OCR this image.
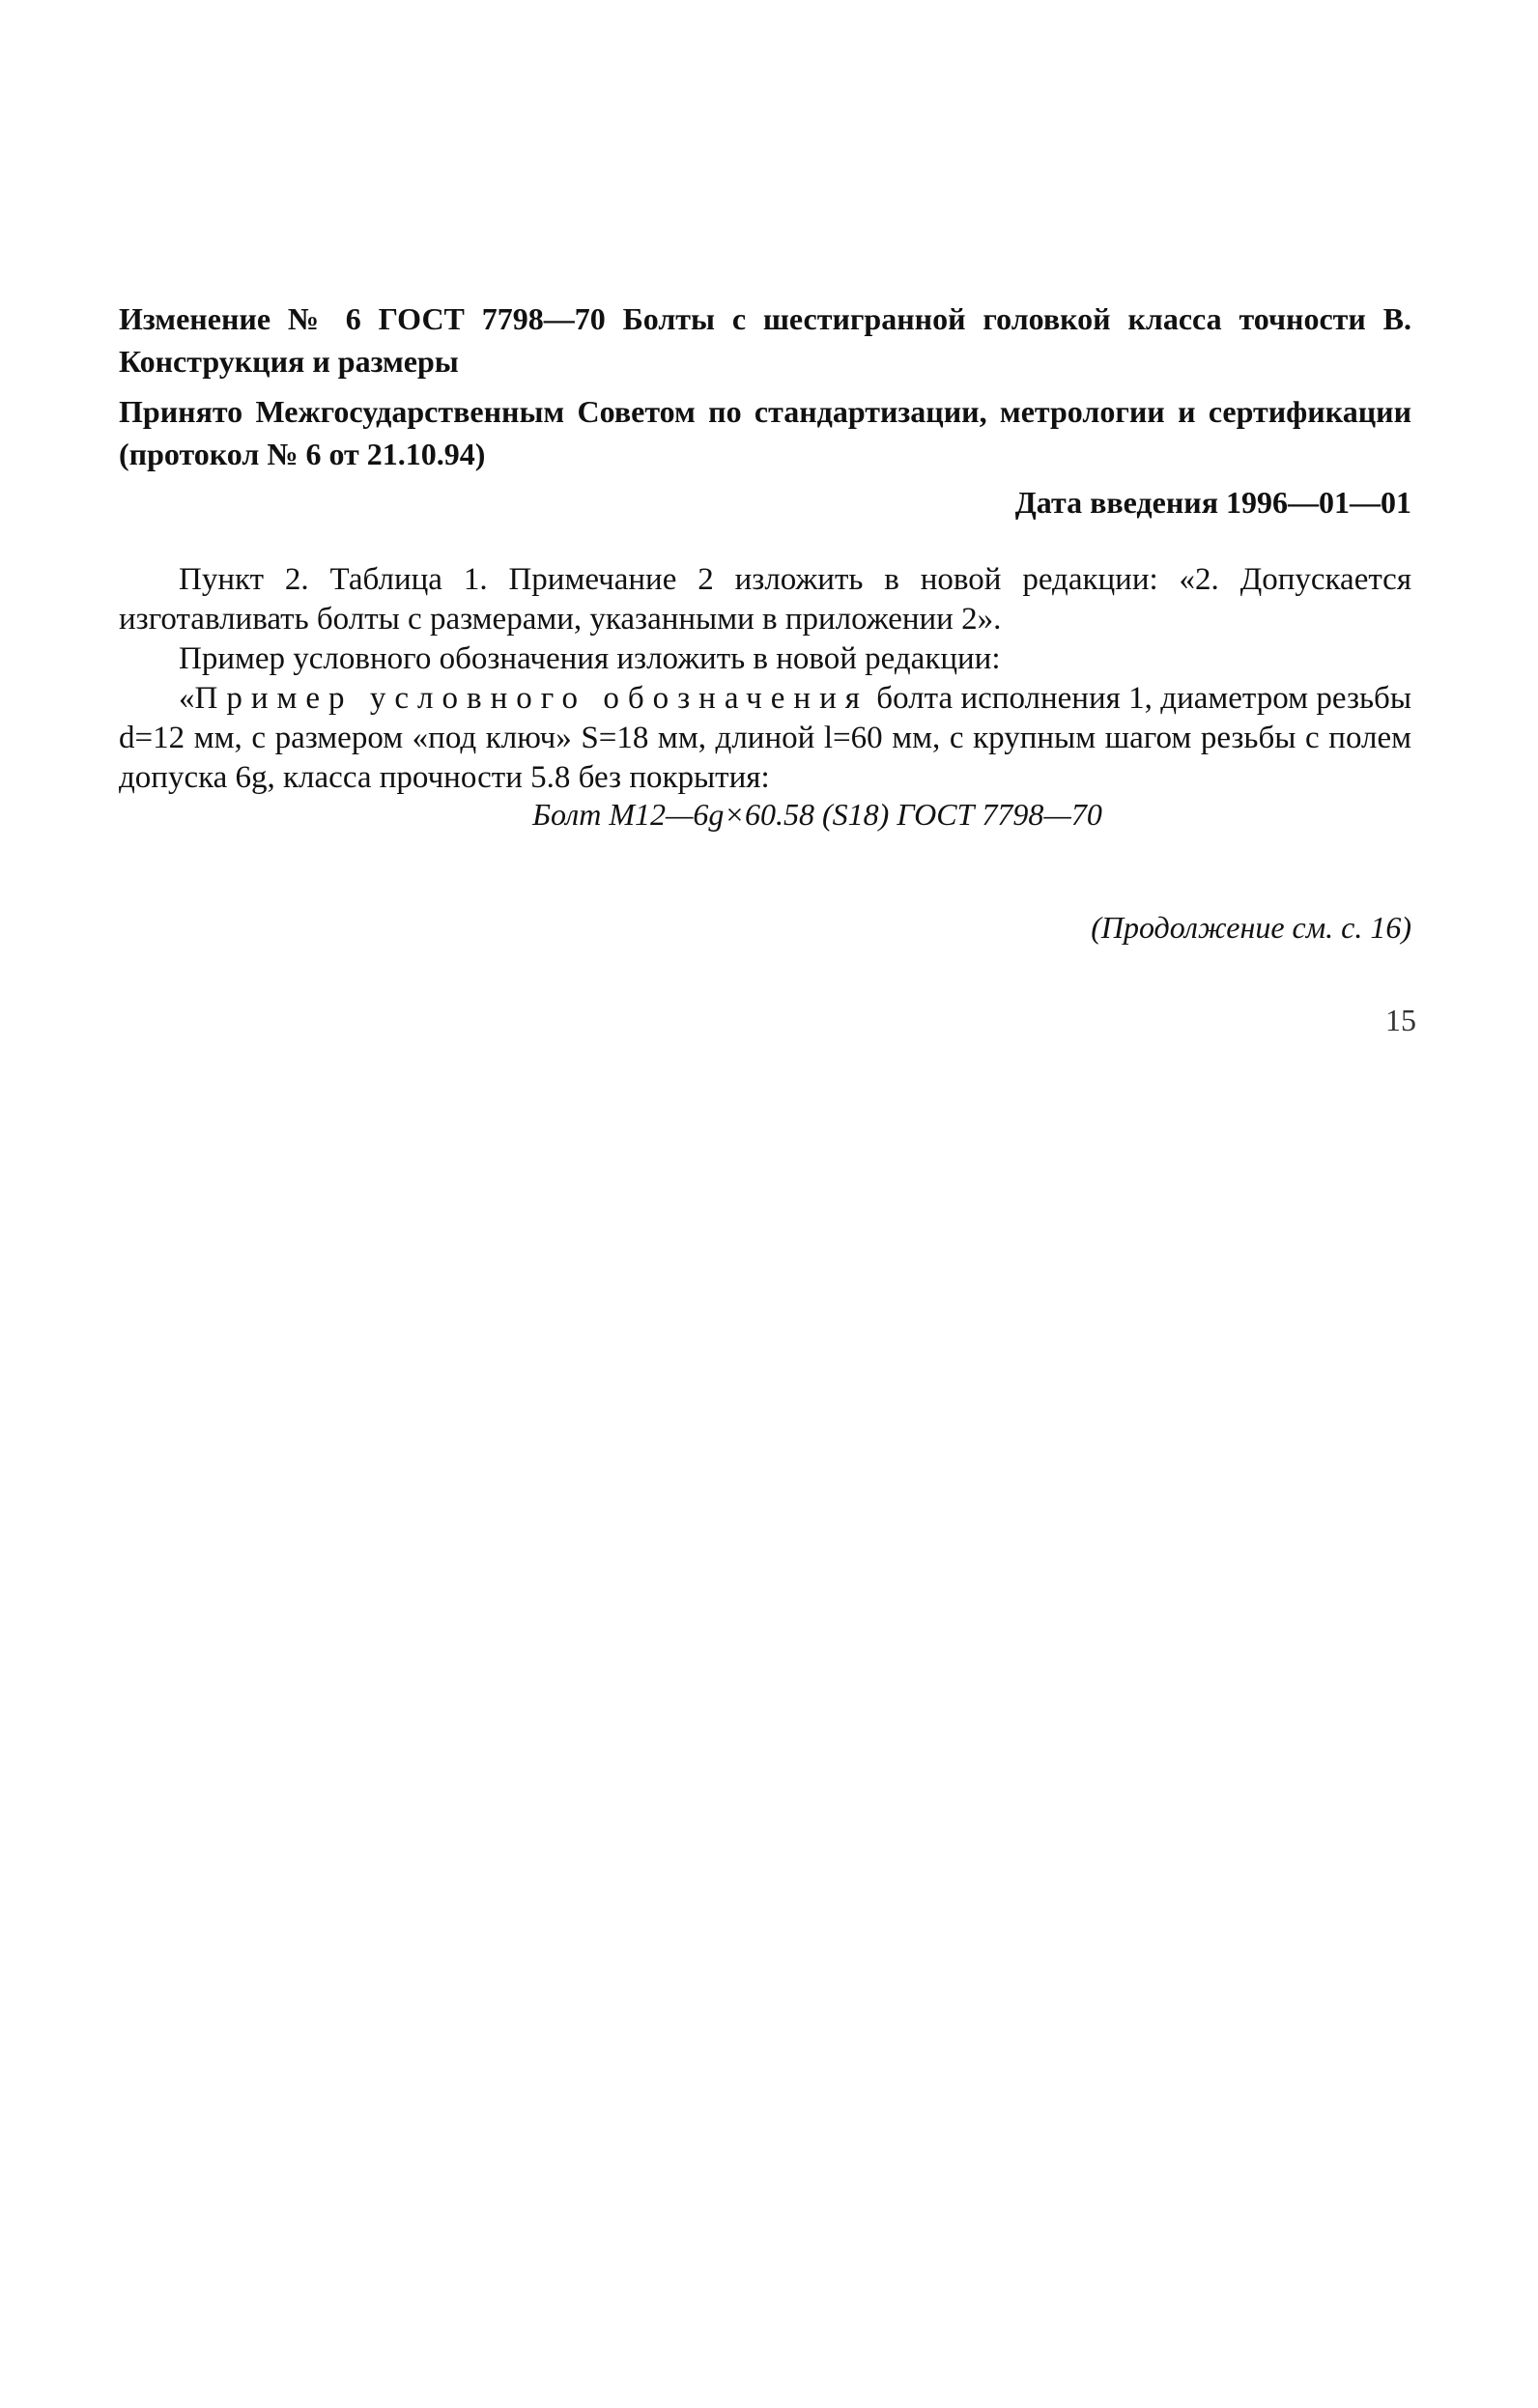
Изменение № 6 ГОСТ 7798—70 Болты с шестигранной головкой класса точности В. Конструкция и размеры
Принято Межгосударственным Советом по стандартизации, метрологии и сертификации (протокол № 6 от 21.10.94)
Дата введения 1996—01—01
Пункт 2. Таблица 1. Примечание 2 изложить в новой редакции: «2. Допускается изготавливать болты с размерами, указанными в приложении 2».
Пример условного обозначения изложить в новой редакции:
«Пример условного обозначения болта исполнения 1, диаметром резьбы d=12 мм, с размером «под ключ» S=18 мм, длиной l=60 мм, с крупным шагом резьбы с полем допуска 6g, класса прочности 5.8 без покрытия:
Болт М12—6g×60.58 (S18) ГОСТ 7798—70
(Продолжение см. с. 16)
15
